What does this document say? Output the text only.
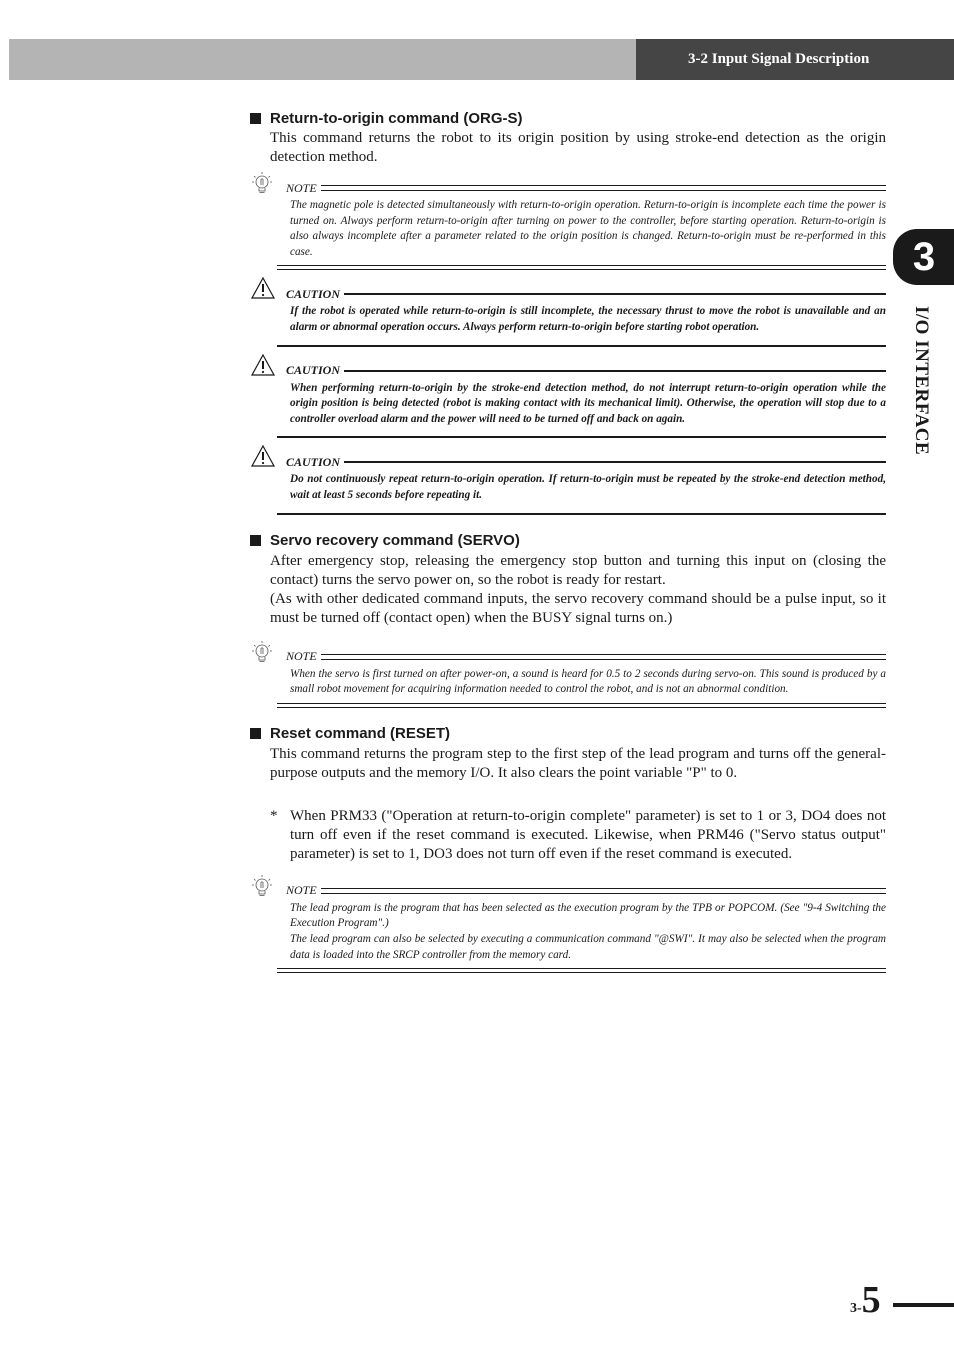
3-2 Input Signal Description
3
I/O INTERFACE
Return-to-origin command (ORG-S)

This command returns the robot to its origin position by using stroke-end detection as the origin detection method.

NOTE

The magnetic pole is detected simultaneously with return-to-origin operation. Return-to-origin is incomplete each time the power is turned on. Always perform return-to-origin after turning on power to the controller, before starting operation. Return-to-origin is also always incomplete after a parameter related to the origin position is changed. Return-to-origin must be re-performed in this case.

CAUTION

If the robot is operated while return-to-origin is still incomplete, the necessary thrust to move the robot is unavailable and an alarm or abnormal operation occurs. Always perform return-to-origin before starting robot operation.

CAUTION

When performing return-to-origin by the stroke-end detection method, do not interrupt return-to-origin operation while the origin position is being detected (robot is making contact with its mechanical limit). Otherwise, the operation will stop due to a controller overload alarm and the power will need to be turned off and back on again.

CAUTION

Do not continuously repeat return-to-origin operation. If return-to-origin must be repeated by the stroke-end detection method, wait at least 5 seconds before repeating it.

Servo recovery command (SERVO)

After emergency stop, releasing the emergency stop button and turning this input on (closing the contact) turns the servo power on, so the robot is ready for restart.

(As with other dedicated command inputs, the servo recovery command should be a pulse input, so it must be turned off (contact open) when the BUSY signal turns on.)

NOTE

When the servo is first turned on after power-on, a sound is heard for 0.5 to 2 seconds during servo-on. This sound is produced by a small robot movement for acquiring information needed to control the robot, and is not an abnormal condition.

Reset command (RESET)

This command returns the program step to the first step of the lead program and turns off the general-purpose outputs and the memory I/O. It also clears the point variable "P" to 0.

* When PRM33 ("Operation at return-to-origin complete" parameter) is set to 1 or 3, DO4 does not turn off even if the reset command is executed. Likewise, when PRM46 ("Servo status output" parameter) is set to 1, DO3 does not turn off even if the reset command is executed.
NOTE

The lead program is the program that has been selected as the execution program by the TPB or POPCOM. (See "9-4 Switching the Execution Program".)

The lead program can also be selected by executing a communication command "@SWI". It may also be selected when the program data is loaded into the SRCP controller from the memory card.

3- 5
